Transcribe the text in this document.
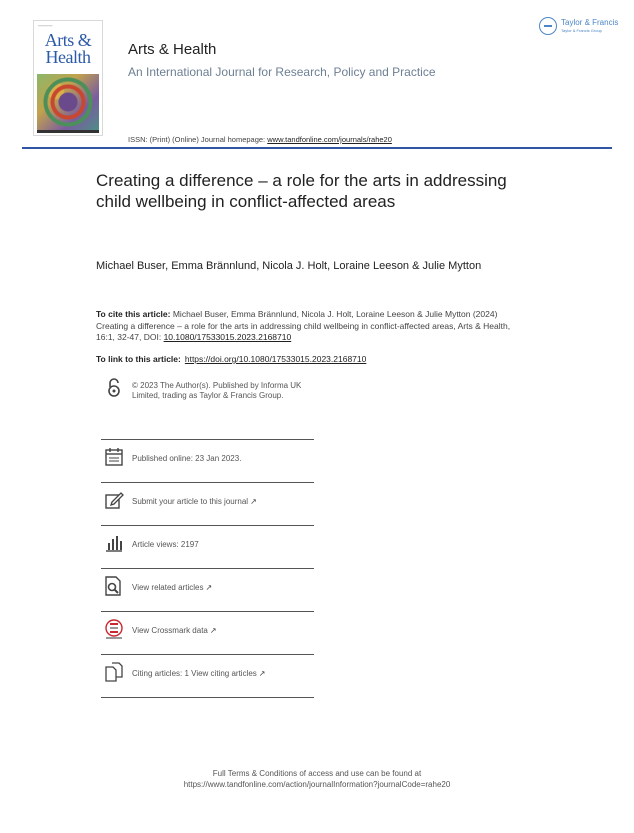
━━━━━━━━
Arts &
Health	Arts & Health
An International Journal for Research, Policy and Practice
ISSN: (Print) (Online) Journal homepage: www.tandfonline.com/journals/rahe20
Taylor & Francis
Taylor & Francis Group
Creating a difference – a role for the arts in addressing child wellbeing in conflict-affected areas
Michael Buser, Emma Brännlund, Nicola J. Holt, Loraine Leeson & Julie Mytton
To cite this article: Michael Buser, Emma Brännlund, Nicola J. Holt, Loraine Leeson & Julie Mytton (2024) Creating a difference – a role for the arts in addressing child wellbeing in conflict-affected areas, Arts & Health, 16:1, 32-47, DOI: 10.1080/17533015.2023.2168710
To link to this article: https://doi.org/10.1080/17533015.2023.2168710
© 2023 The Author(s). Published by Informa UK Limited, trading as Taylor & Francis Group.
Published online: 23 Jan 2023.
Submit your article to this journal ↗
Article views: 2197
View related articles ↗
View Crossmark data ↗
Citing articles: 1 View citing articles ↗
Full Terms & Conditions of access and use can be found at
https://www.tandfonline.com/action/journalInformation?journalCode=rahe20
